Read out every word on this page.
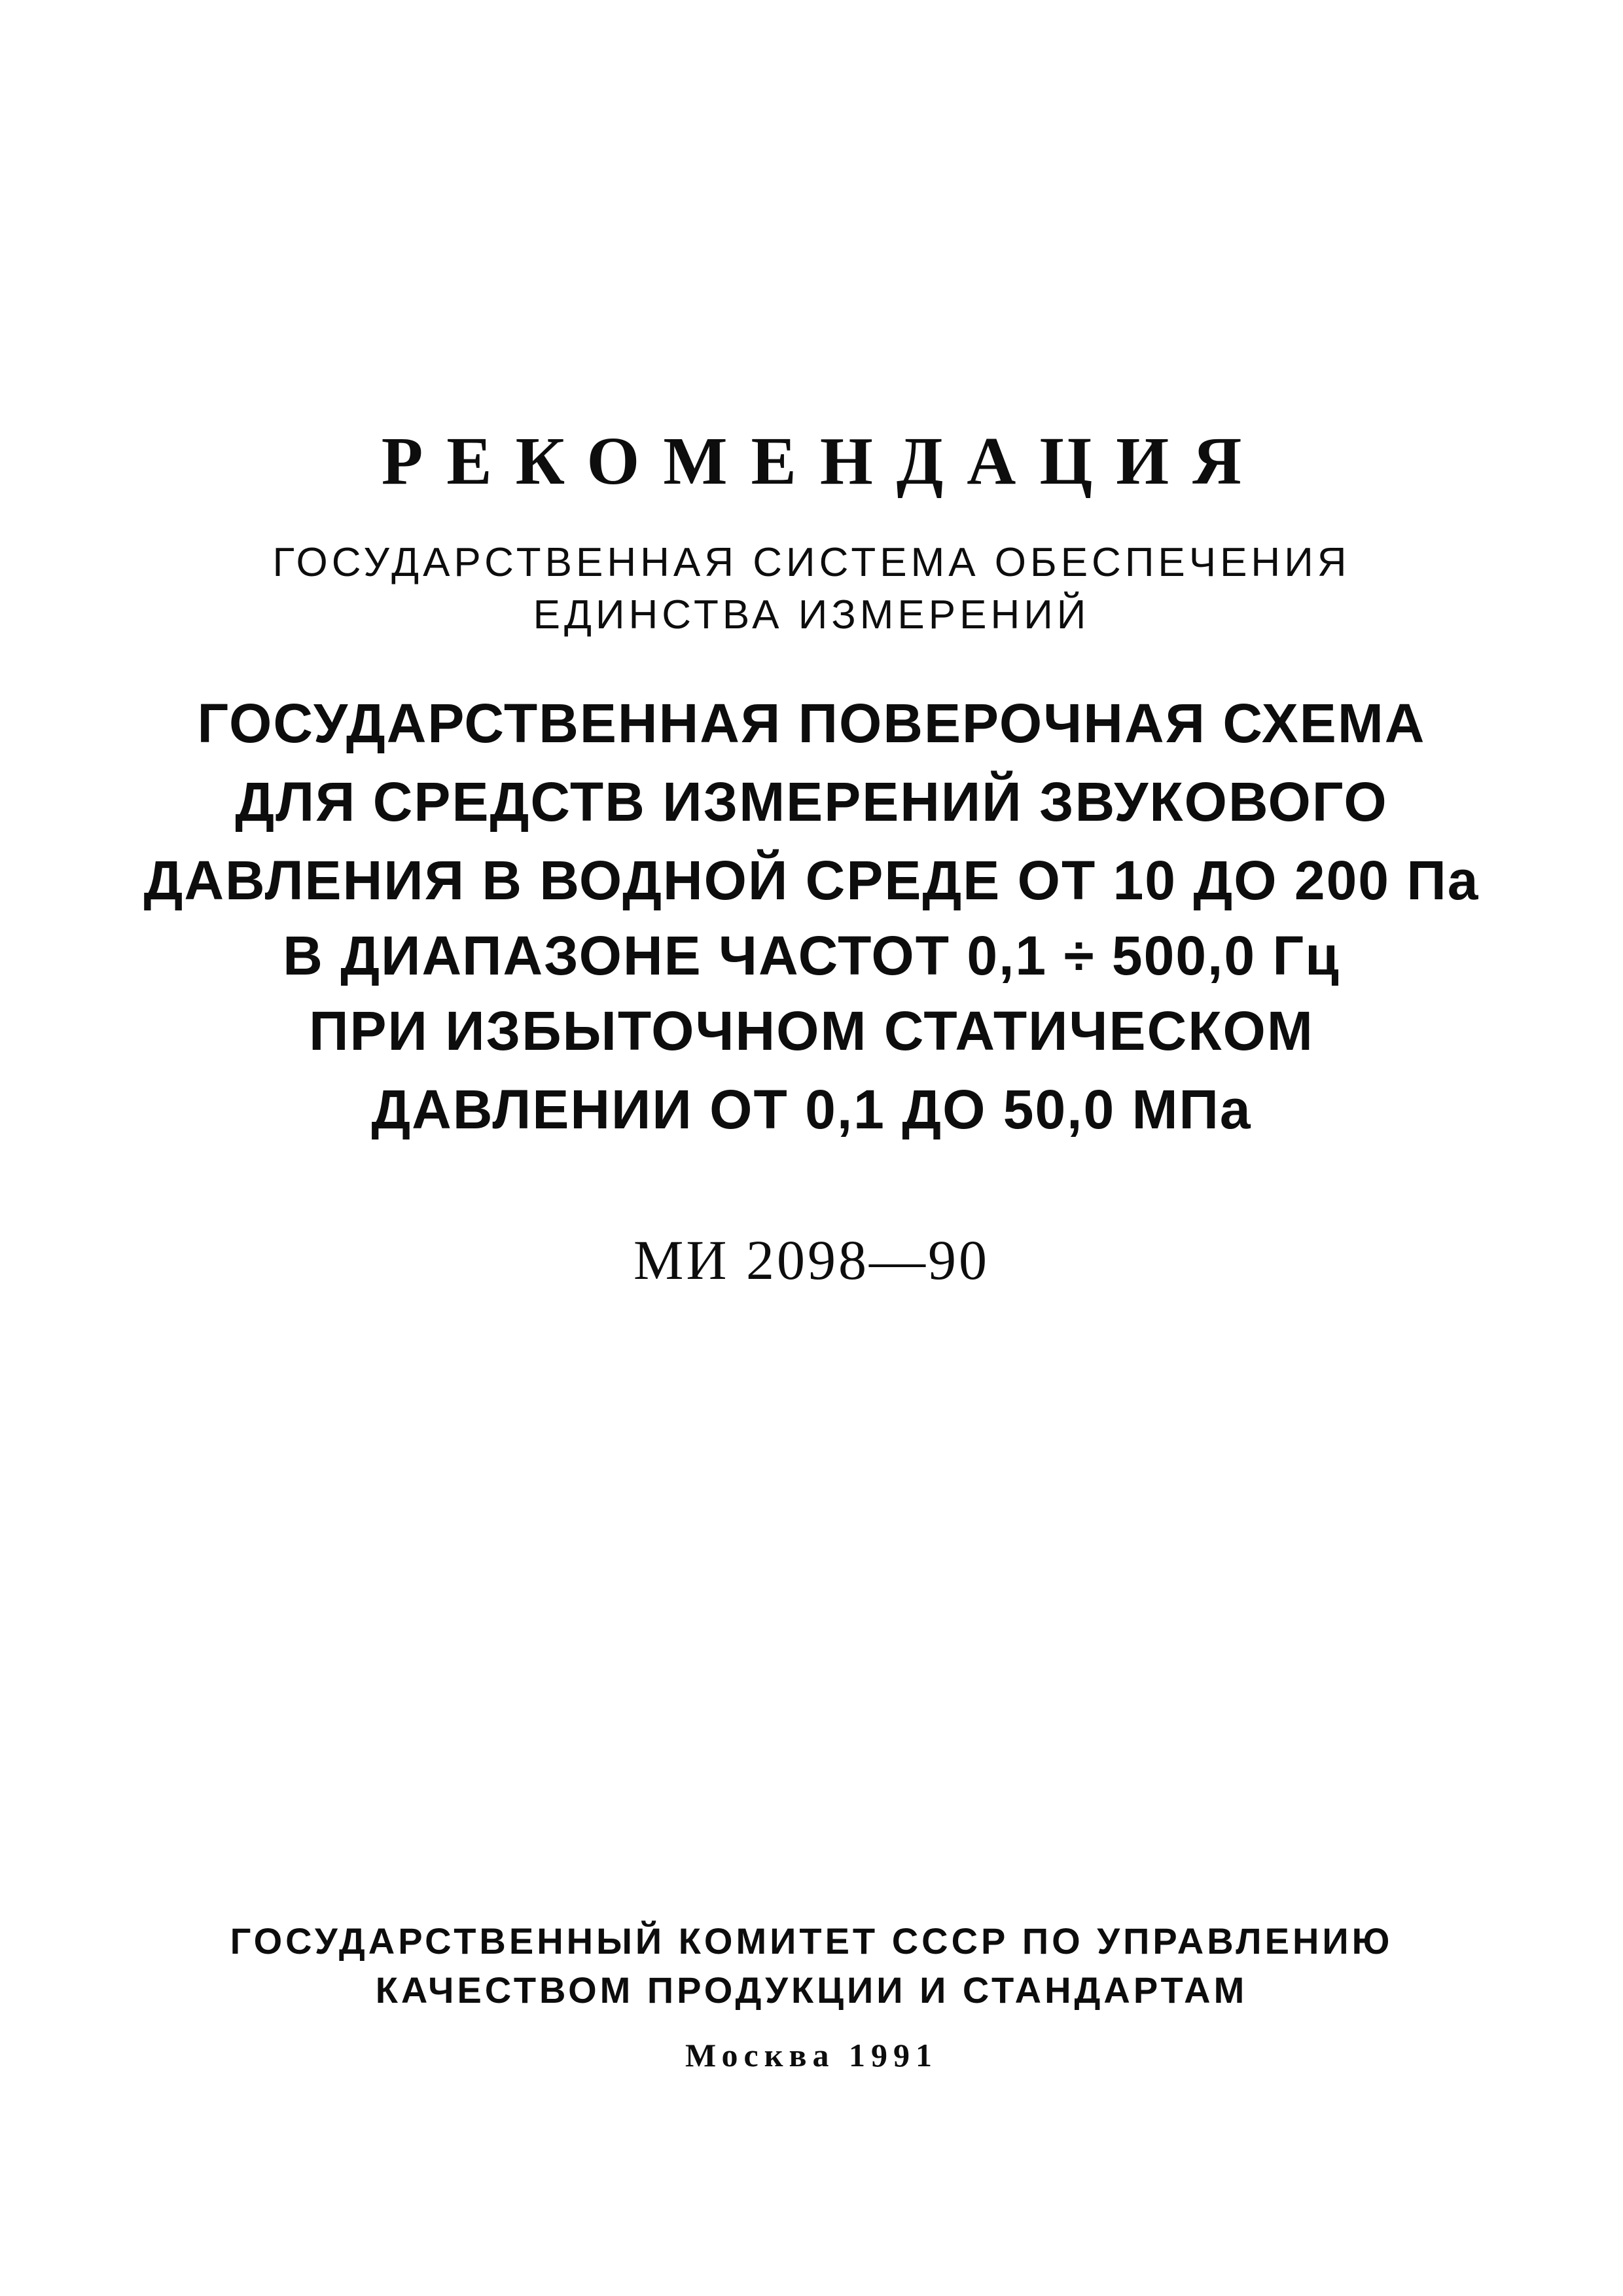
РЕКОМЕНДАЦИЯ

ГОСУДАРСТВЕННАЯ СИСТЕМА ОБЕСПЕЧЕНИЯ

ЕДИНСТВА ИЗМЕРЕНИЙ

ГОСУДАРСТВЕННАЯ ПОВЕРОЧНАЯ СХЕМА

ДЛЯ СРЕДСТВ ИЗМЕРЕНИЙ ЗВУКОВОГО

ДАВЛЕНИЯ В ВОДНОЙ СРЕДЕ ОТ 10 ДО 200 Па

В ДИАПАЗОНЕ ЧАСТОТ 0,1 ÷ 500,0 Гц

ПРИ ИЗБЫТОЧНОМ СТАТИЧЕСКОМ

ДАВЛЕНИИ ОТ 0,1 ДО 50,0 МПа

МИ 2098—90

ГОСУДАРСТВЕННЫЙ КОМИТЕТ СССР ПО УПРАВЛЕНИЮ

КАЧЕСТВОМ ПРОДУКЦИИ И СТАНДАРТАМ

Москва 1991
